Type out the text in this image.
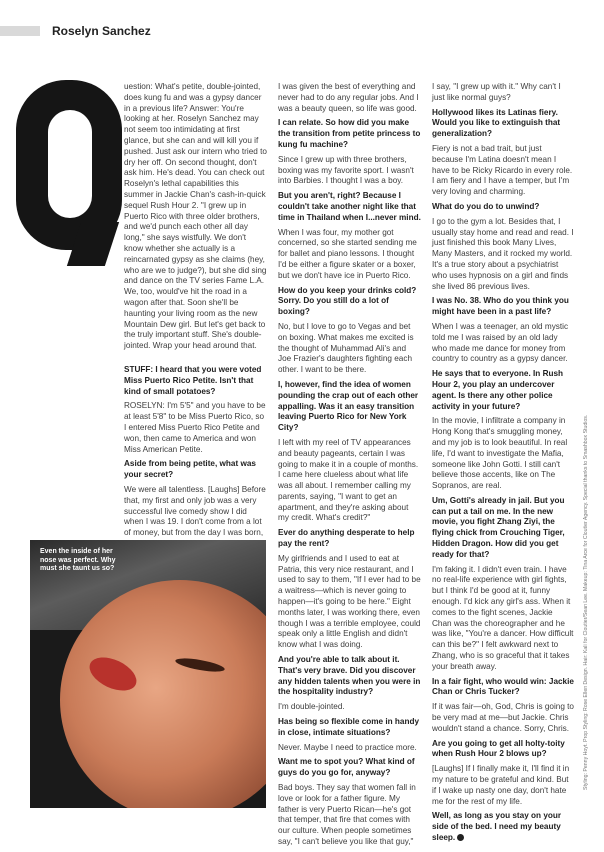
Roselyn Sanchez

uestion: What's petite, double-jointed, does kung fu and was a gypsy dancer in a previous life? Answer: You're looking at her. Roselyn Sanchez may not seem too intimidating at first glance, but she can and will kill you if pushed. Just ask our intern who tried to dry her off. On second thought, don't ask him. He's dead. You can check out Roselyn's lethal capabilities this summer in Jackie Chan's cash-in-quick sequel Rush Hour 2. "I grew up in Puerto Rico with three older brothers, and we'd punch each other all day long," she says wistfully. We don't know whether she actually is a reincarnated gypsy as she claims (hey, who are we to judge?), but she did sing and dance on the TV series Fame L.A. We, too, would've hit the road in a wagon after that. Soon she'll be haunting your living room as the new Mountain Dew girl. But let's get back to the truly important stuff. She's double-jointed. Wrap your head around that.

STUFF: I heard that you were voted Miss Puerto Rico Petite. Isn't that kind of small potatoes?

ROSELYN: I'm 5'5" and you have to be at least 5'8" to be Miss Puerto Rico, so I entered Miss Puerto Rico Petite and won, then came to America and won Miss American Petite.

Aside from being petite, what was your secret?

We were all talentless. [Laughs] Before that, my first and only job was a very successful live comedy show I did when I was 19. I don't come from a lot of money, but from the day I was born,

I was given the best of everything and never had to do any regular jobs. And I was a beauty queen, so life was good.

I can relate. So how did you make the transition from petite princess to kung fu machine?

Since I grew up with three brothers, boxing was my favorite sport. I wasn't into Barbies. I thought I was a boy.

But you aren't, right? Because I couldn't take another night like that time in Thailand when I...never mind.

When I was four, my mother got concerned, so she started sending me for ballet and piano lessons. I thought I'd be either a figure skater or a boxer, but we don't have ice in Puerto Rico.

How do you keep your drinks cold? Sorry. Do you still do a lot of boxing?

No, but I love to go to Vegas and bet on boxing. What makes me excited is the thought of Muhammad Ali's and Joe Frazier's daughters fighting each other. I want to be there.

I, however, find the idea of women pounding the crap out of each other appalling. Was it an easy transition leaving Puerto Rico for New York City?

I left with my reel of TV appearances and beauty pageants, certain I was going to make it in a couple of months. I came here clueless about what life was all about. I remember calling my parents, saying, "I want to get an apartment, and they're asking about my credit. What's credit?"

Ever do anything desperate to help pay the rent?

My girlfriends and I used to eat at Patria, this very nice restaurant, and I used to say to them, "If I ever had to be a waitress—which is never going to happen—it's going to be here." Eight months later, I was working there, even though I was a terrible employee, could speak only a little English and didn't know what I was doing.

And you're able to talk about it. That's very brave. Did you discover any hidden talents when you were in the hospitality industry?

I'm double-jointed.

Has being so flexible come in handy in close, intimate situations?

Never. Maybe I need to practice more.

Want me to spot you? What kind of guys do you go for, anyway?

Bad boys. They say that women fall in love or look for a father figure. My father is very Puerto Rican—he's got that temper, that fire that comes with our culture. When people sometimes say, "I can't believe you like that guy,"

I say, "I grew up with it." Why can't I just like normal guys?

Hollywood likes its Latinas fiery. Would you like to extinguish that generalization?

Fiery is not a bad trait, but just because I'm Latina doesn't mean I have to be Ricky Ricardo in every role. I am fiery and I have a temper, but I'm very loving and charming.

What do you do to unwind?

I go to the gym a lot. Besides that, I usually stay home and read and read. I just finished this book Many Lives, Many Masters, and it rocked my world. It's a true story about a psychiatrist who uses hypnosis on a girl and finds she lived 86 previous lives.

I was No. 38. Who do you think you might have been in a past life?

When I was a teenager, an old mystic told me I was raised by an old lady who made me dance for money from country to country as a gypsy dancer.

He says that to everyone. In Rush Hour 2, you play an undercover agent. Is there any other police activity in your future?

In the movie, I infiltrate a company in Hong Kong that's smuggling money, and my job is to look beautiful. In real life, I'd want to investigate the Mafia, someone like John Gotti. I still can't believe those accents, like on The Sopranos, are real.

Um, Gotti's already in jail. But you can put a tail on me. In the new movie, you fight Zhang Ziyi, the flying chick from Crouching Tiger, Hidden Dragon. How did you get ready for that?

I'm faking it. I didn't even train. I have no real-life experience with girl fights, but I think I'd be good at it, funny enough. I'd kick any girl's ass. When it comes to the fight scenes, Jackie Chan was the choreographer and he was like, "You're a dancer. How difficult can this be?" I felt awkward next to Zhang, who is so graceful that it takes your breath away.

In a fair fight, who would win: Jackie Chan or Chris Tucker?

If it was fair—oh, God, Chris is going to be very mad at me—but Jackie. Chris wouldn't stand a chance. Sorry, Chris.

Are you going to get all holty-toity when Rush Hour 2 blows up?

[Laughs] If I finally make it, I'll find it in my nature to be grateful and kind. But if I wake up nasty one day, don't hate me for the rest of my life.

Well, as long as you stay on your side of the bed. I need my beauty sleep.

Even the inside of her nose was perfect. Why must she taunt us so?	Styling: Penny Hoyt. Prop Styling: Rose Ellen Design. Hair: Kali for Cloutier/Sean Lee. Makeup: Tina Arce for Cloutier Agency. Special thanks to Smashbox Studios.
